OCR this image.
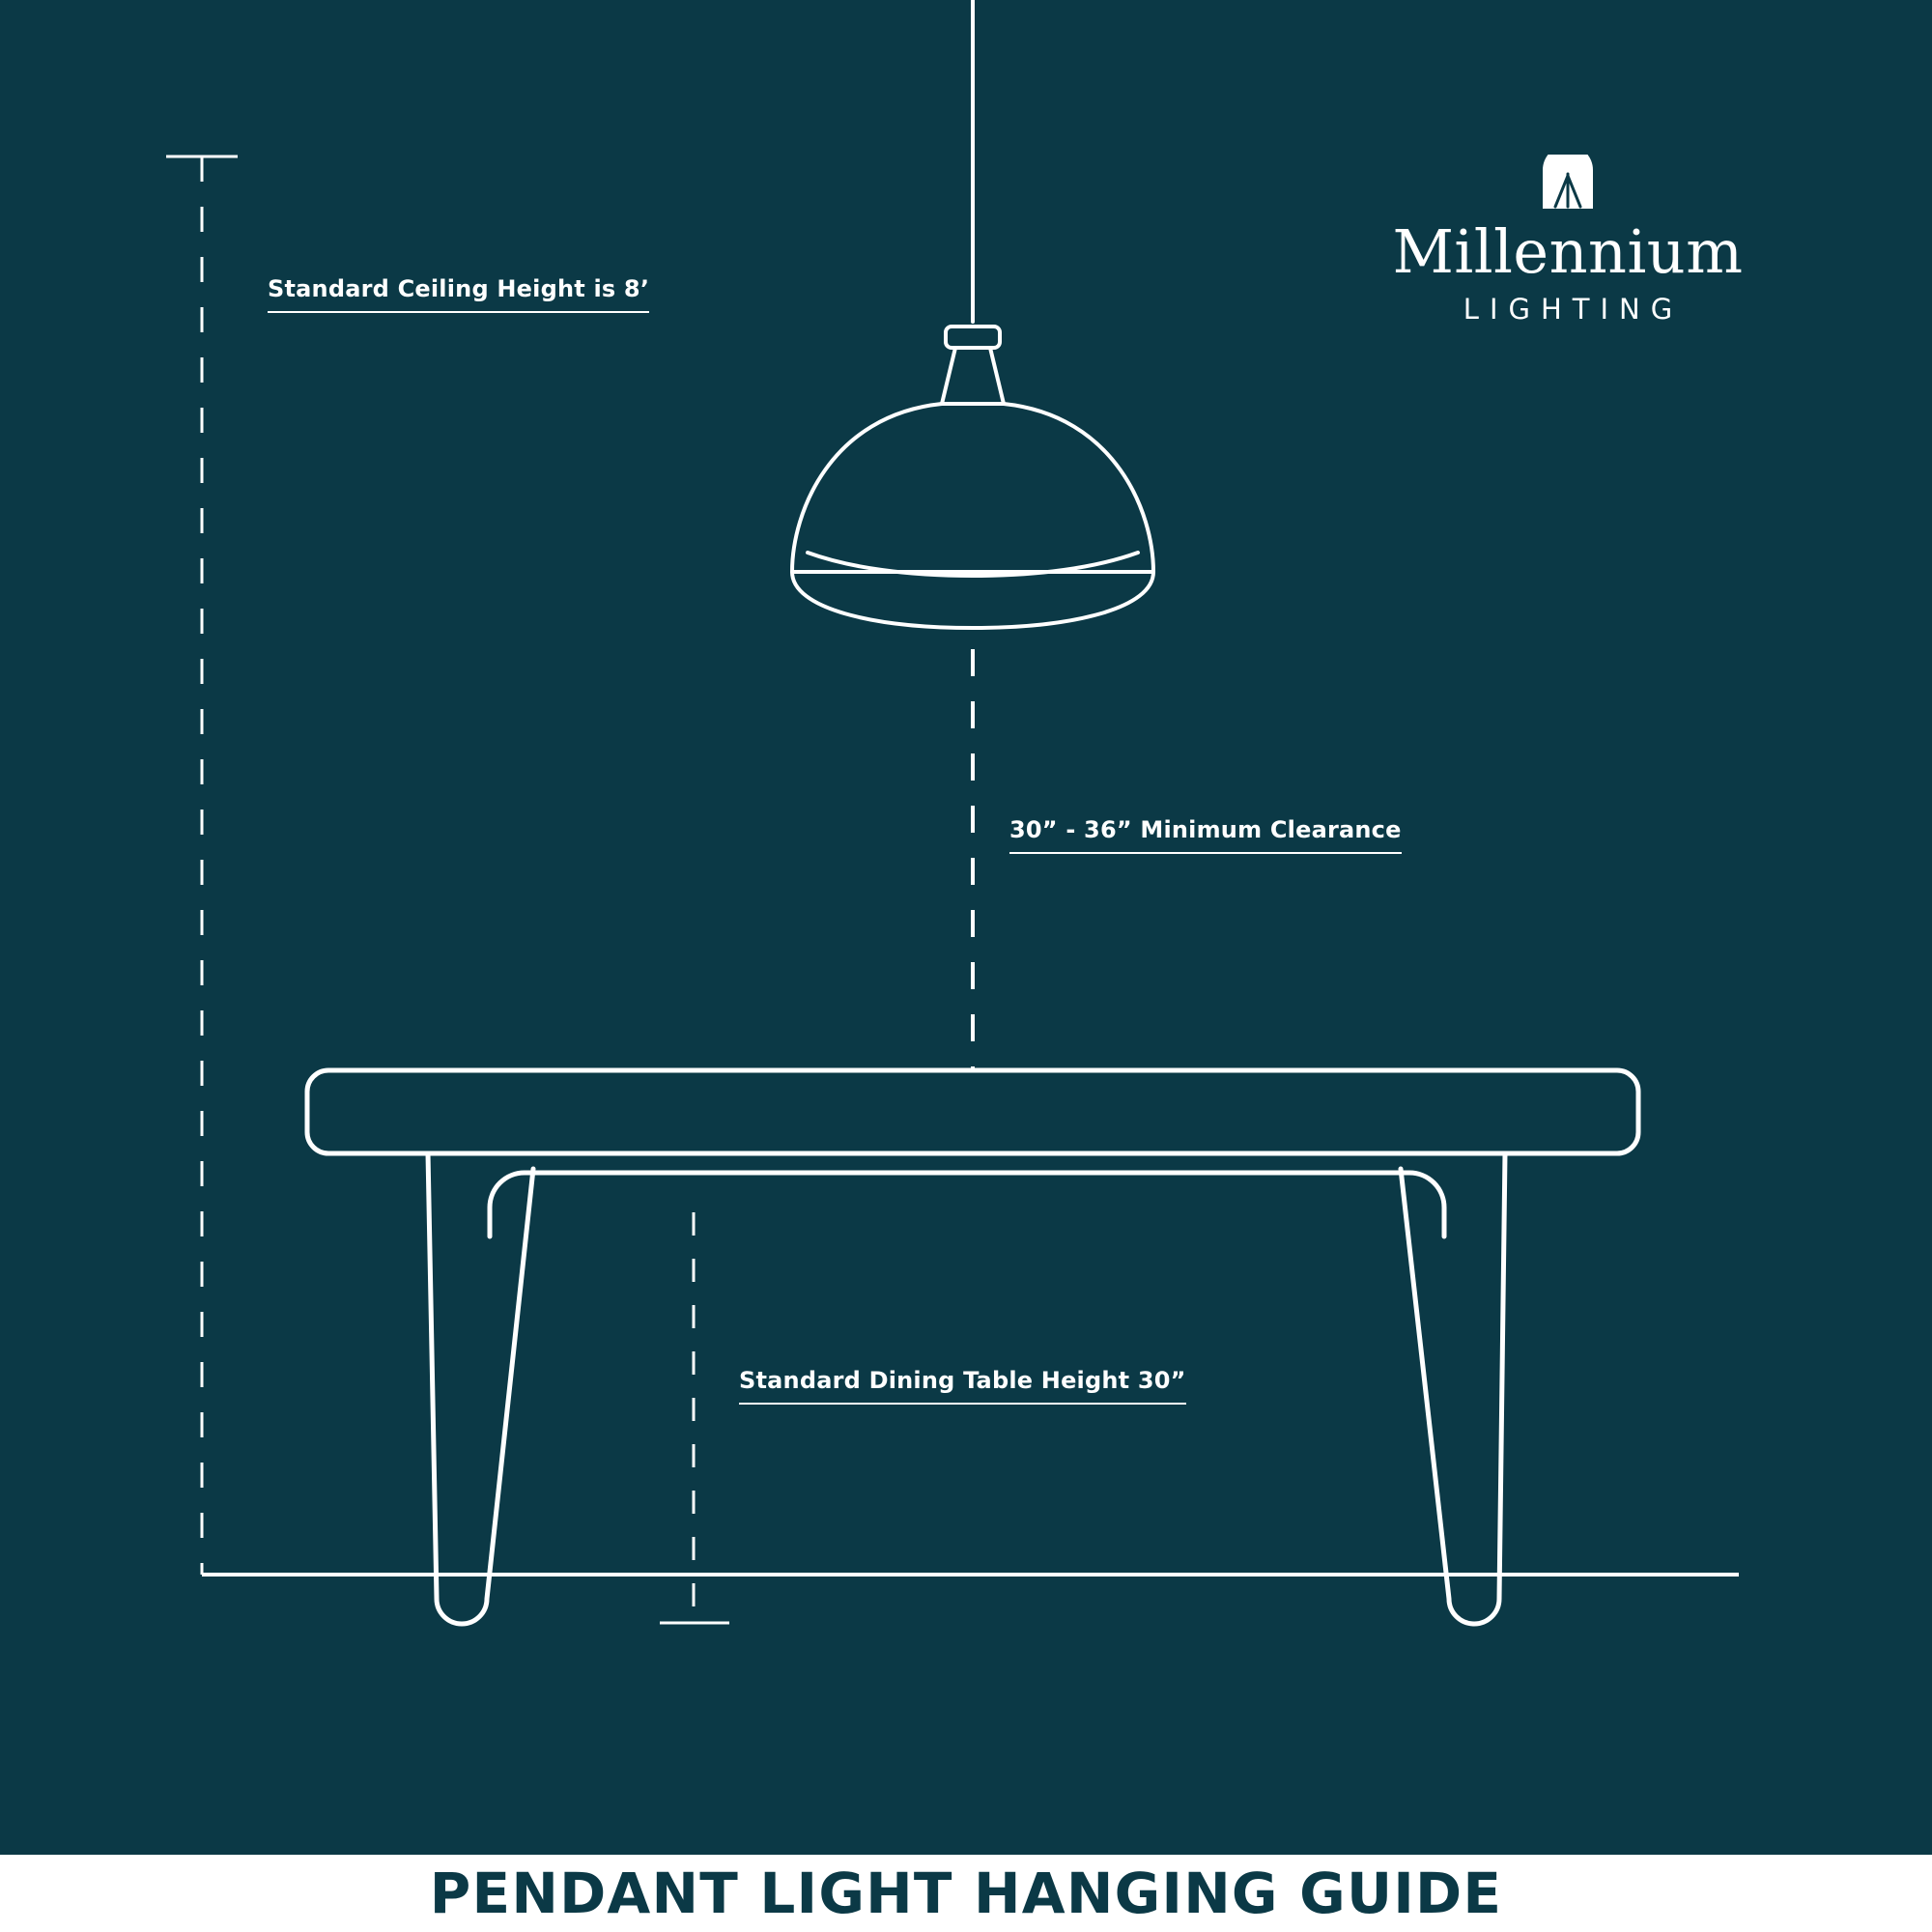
Standard Ceiling Height is 8’
30” - 36” Minimum Clearance
Standard Dining Table Height 30”
Millennium
LIGHTING
PENDANT LIGHT HANGING GUIDE
